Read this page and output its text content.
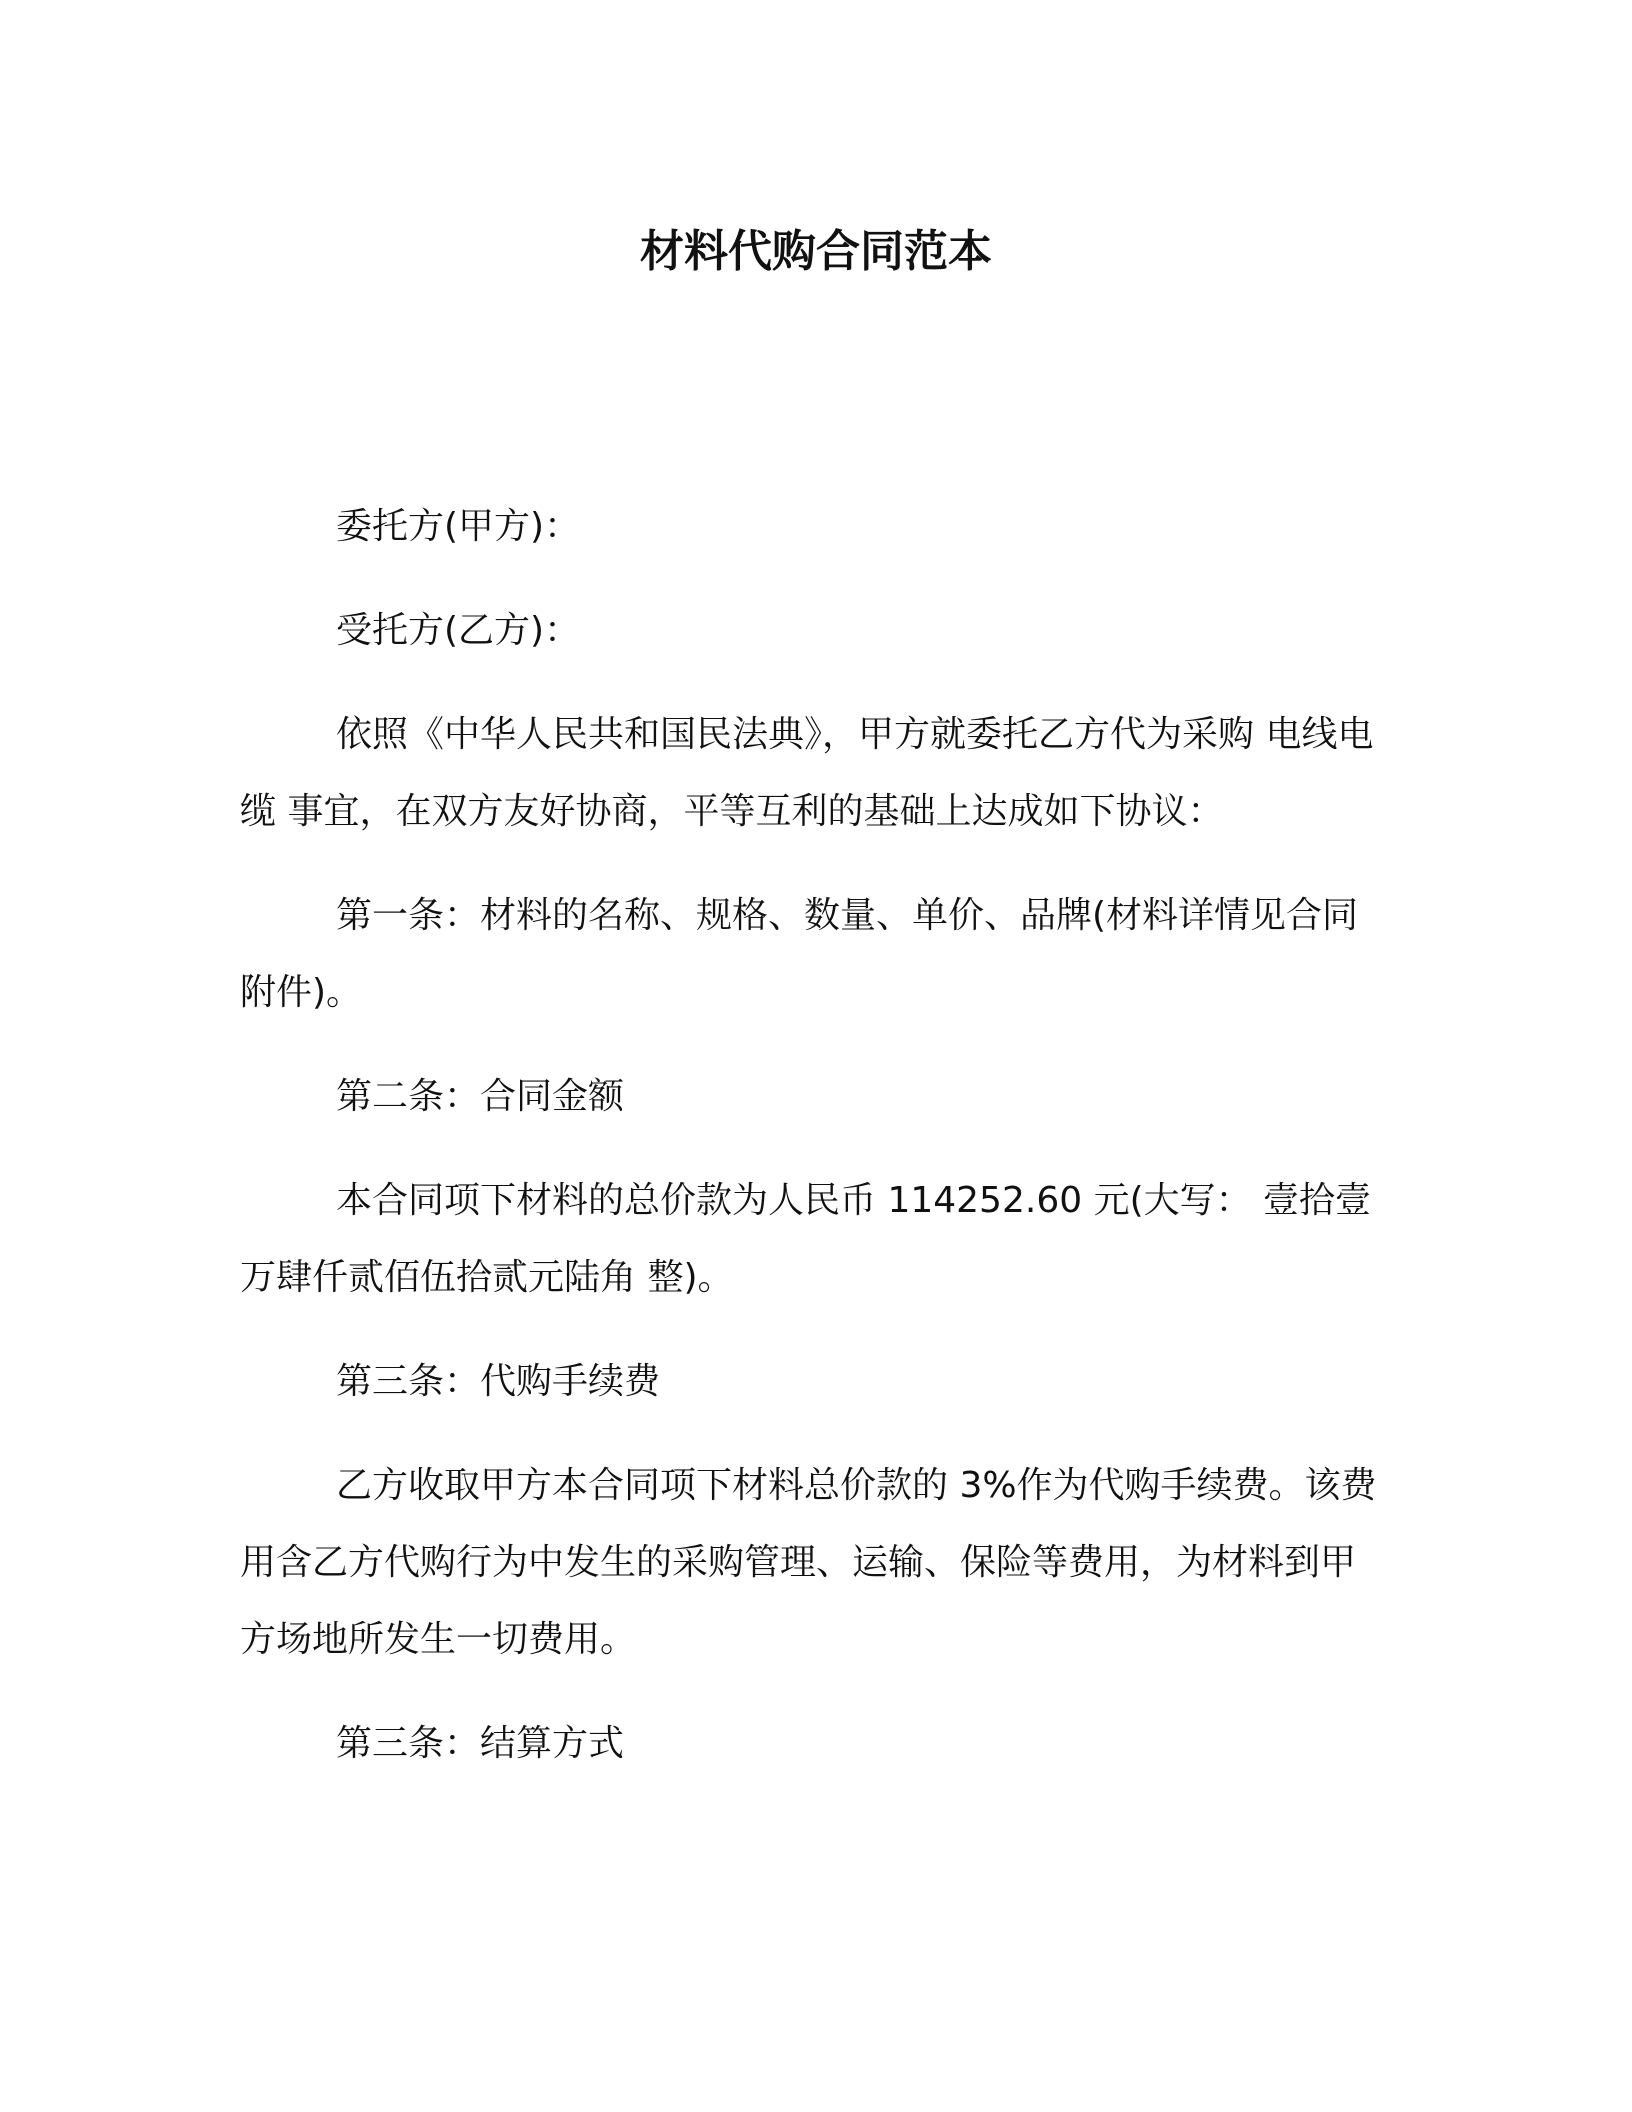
材料代购合同范本

委托方(甲方)：

受托方(乙方)：

依照《中华人民共和国民法典》，甲方就委托乙方代为采购 电线电缆 事宜，在双方友好协商，平等互利的基础上达成如下协议：

第一条：材料的名称、规格、数量、单价、品牌(材料详情见合同附件)。

第二条：合同金额

本合同项下材料的总价款为人民币 114252.60 元(大写： 壹拾壹万肆仟贰佰伍拾贰元陆角 整)。

第三条：代购手续费

乙方收取甲方本合同项下材料总价款的 3%作为代购手续费。该费用含乙方代购行为中发生的采购管理、运输、保险等费用，为材料到甲方场地所发生一切费用。

第三条：结算方式
